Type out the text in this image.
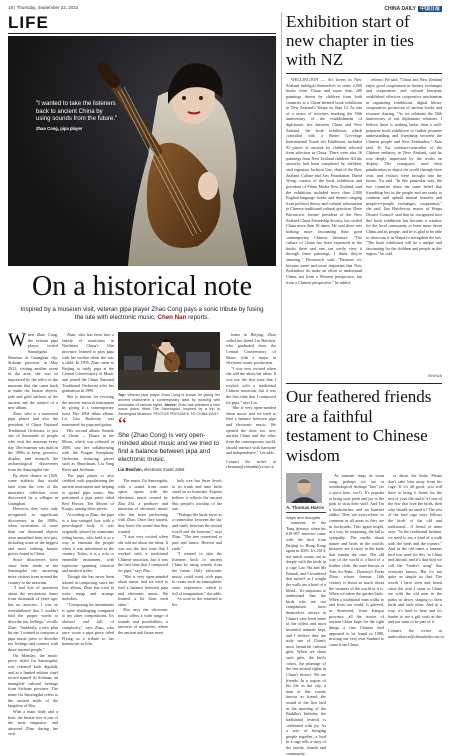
18 | Thursday, September 22, 2022	CHINA DAILY 中国日报
LIFE
"I wanted to take the listeners back to ancient China by using sounds from the future."
Zhao Cong, pipa player
On a historical note
Inspired by a museum visit, veteran pipa player Zhao Cong pays a sonic tribute by fusing the lute with electronic music, Chen Nan reports.

When Zhao Cong, the veteran pipa player, visited Sanxingdui Museum in Guanghan city, Sichuan province, in May 2021, visiting another event in the area, she was so impressed by the relics of the museum that she came back to make the bronze objects, jade and gold artifacts of the ancient site the subject of a new album.

Zhao, who is a renowned pipa player and also the president of China National Traditional Orchestra, is just one of thousands of people who visit the museum every day. The museum was built in the 1990s to keep, preserve, display, and research the archaeological discoveries from the Sanxingdui site.

By sheer chance in 1929, some artifacts that would later form the core of the museum's collection were discovered by a villager in Guanghan.

However, they were only recognized as significant discoveries in the 1980s, when excavation of more than one thousand objects were unearthed from two pits, including some of the biggest and most striking bronze pieces found in China.

Since discoveries have since been made at the Sanxingdui site, attracting more visitors from around the country to the museum.

"I had lots of questions about the mysterious items from thousands of years ago, but no answers. I was so overwhelmed that I couldn't find the proper words to describe my feelings," recalls Zhao. "Suddenly, a new plan hit me. I wanted to compose a pipa music piece to describe my feelings and connect with those ancient people."

On Monday, the music piece, titled Gu Sanxingdui, was released both digitally and as a limited edition vinyl record named Ai Sichuan, an intangible cultural heritage from Sichuan province. The name Gu Sanxingdui refers to the ancient myth of the kingdom of Shu.

With a main body and a base, the bronze tree is one of the most enigmatic, and attracted Zhao during her visit.

Zhao, who has been into a family of musicians in Northeast China's Jilin province, learned to play pipa with her mother when she was a child. In 1995, Zhao came to Beijing to study pipa at the Central Conservatory of Music and joined the China National Traditional Orchestra after her graduation in 1999.

She is known for reviving the ancient musical instrument by giving it a contemporary twist. Her 2004 debut album, Lir Gao Rodeway, was nominated for pipa and guitar.

Her second album Sounds of China — Dance in the Moon, which was released in 2006, saw her collaborating with the Prague Symphony Orchestra, featuring pieces such as Shuochuan, Liu Yang River and Jiechuan.

The pipa player is also credited with popularizing the ancient instrument and helping to spread pipa music. She performed a pipa piece titled Red Flower, Ten Moons of Kongs, among other pieces.

According to Zhao, the pipa is a four-stringed lute with a pear-shaped body. It was originally played by musicians riding horses, who held it as a way to entertain the people when it was introduced to the country. Today, it is a solo or ensemble instrument, with repertoire spanning classical and modern styles.

Though she has never been trained in composing, since her first album, Zhao has tried to write songs and arrange melodies.

"Composing for instruments is quite challenging compared to my other compositions. It's abstract and full of complexity," says Zhao, who once wrote a pipa piece titled Flying as a tribute to her hometown in Jilin.

Top: Veteran pipa player Zhao Cong is known for giving her ancient instrument a contemporary twist by working with musicians of various styles. Above: Zhao has released a new music piece, titled The Sanxingdui, inspired by a trip to Sanxingdui Museum. PHOTOS PROVIDED TO CHINA DAILY
“
She (Zhao Cong) is very open-minded about music and we tried to find a balance between pipa and electronic music.
Liu Beichen, electronic music artist

The music Gu Sanxingdui, with a sound from outer space, opens with the electronic music created by Zhu Zhi, a producer and musician of electronic music who has been performing with Zhao. Once they started, they knew the sound that they wanted.

"I was very excited when she told me about her ideas. It was not the first time that I worked with a traditional Chinese musician, but it was the first time that I composed for pipa," says Zhu.

"She is very open-minded about music and we tried to find a balance between pipa and electronic music. We learned a lot from each other."

Zhu says the electronic music offers a wide range of sounds and possibilities, a universe of mysteries, where the ancient and future meet.

holy tree has three levels to its trunk and nine birds stand on its branches. Experts believe it reflects the ancient Shu people's worship of the sun.

"Perhaps the birds serve as a connection between the sky and earth, between the mortal world and the heavens," says Zhao. "The tree connected to past and future, Heaven and earth."

"I wanted to take the listeners back to ancient China by using sounds from the future. Only electronic music could work with pipa to create such an atmospheric sonic experience, which is full of imagination," she adds.

As soon as she returned to her

home in Beijing, Zhao called her friend Liu Beichen, who graduated from the Central Conservatory of Music with a major in electronic music production.

"I was very excited when she told me about her ideas. It was not the first time that I worked with a traditional Chinese musician, but it was the first time that I composed for pipa," says Liu.

"She is very open-minded about music and we tried to find a balance between pipa and electronic music. We opened the door, too, new ancient China and the other from the contemporary world, should interact with harmony and independence," Liu adds.

Contact the writer at chennan@chinadaily.com.cn

Exhibition start of new chapter in ties with NZ

WELLINGTON — Art lovers in New Zealand indulged themselves in some 2,000 books from China and more than 200 paintings drawn by children from both countries at a China-themed book exhibition in New Zealand's Waipa on Sept 13. As one of a series of activities marking the 50th anniversary of the establishment of diplomatic ties between China and New Zealand, the book exhibition, which coincided with a Better Go-refuge International Youth Art Exhibition, included 92 pieces of artwork by children selected from selection in China. There were also 16 paintings from New Zealand children. All the artworks had been completed by children, said organizer Jackson Gao, chair of the New Zealand Culture and Arts Foundation. David Wong, curator of the book exhibition and president of Prima Media New Zealand, said the exhibition included more than 2,000 English-language books and themes ranging from political theory and cultural information to Chinese traditional cultural practices. Dave Brownrich, former president of the New Zealand China Friendship Society, has visited China more than 30 times. He said there was nothing more fascinating than good contemporary Chinese literature. "The culture of China has been expressed in the books there and one can easily view it through these paintings. I think they're amazing," Brownrich said. "Because it's become more and more important that New Zealanders do make an effort to understand China, not from a Western perspective, but from a Chinese perspective," he added.

release, He said. "China and New Zealand enjoy good cooperation in literary exchanges and cooperation, and cultural literature established effective cooperative mechanism in organizing exhibitions, digital library cooperation, protection of ancient books and resource sharing. "As we celebrate the 50th anniversary of our diplomatic relations, I believe there is nothing better than a well-prepared book exhibition to further promote understanding and friendship between the Chinese people and New Zealanders," Xiao said. To Xu, minister-counsellor of the Chinese embassy in New Zealand, said he was deeply impressed by the works on display. The youngsters used their paintbrushes to depict the world through their own, and visitors were brought into the future, Xu said. "In this particular way, the two countries share the same belief that friendship lies in the people and are ready to continue and uphold mutual benefits and people-to-people exchanges, cooperation," she said. Jim Hutcheson, mayor of Waipa District Council, said that he recognized how this book exhibition has become a window for the local community to learn more about China and its people, and he is glad to be able to showcase it in Waipa to strengthen the ties. "The book exhibition will be a unique and fascinating for the children and people in this region," he said.

XINHUA
Our feathered friends are a faithful testament to Chinese wisdom
A. Thomas Harris
Ways and thoughts

As summer rings its swan song, perhaps we are at ornithological heritage "kite" (as a piece here, too?). It's popular to bring your pride and joy to the park to strut their stuff. And I'm a birdwatcher, and an Internet addict. They are everywhere, as common in all areas as they are in backyards. This again might, in a way, be surprising, the fall is sympathy. The myths about nature and birds in the world's histories are a rarity in the birds that remain the case. The old way of the world is a kind of a leather cloth, the man known at Tian An Shan... Dynasty's Poem Zhou, whose famous 16th century is about as much about the vastness of the world as it is. When we adore the garden birds. When a traditional man walks to and from our world, is grieved, or distressed, from Jiangsu province, all the stories of ancient China hope for the right things a fine Chinese bird appeared to be found in 1998, inviting our very own Sunbird to come from China.

someone, in the Tong dynasty, when his 618-907 ancestor came with the bird from Beijing to Hong Kong again in 2003. It's 2014, not much comes out as deeply with the birds in a cage Luo Shi and Mr Fennah, and I wondered that myself, as I sought the walls are a kind of a blend... It's important to understand that the birds who are our companions have themselves always in China's case been some of the oldest and most beautiful animals kept, and I believe they are truly one of China's most beautiful cultural gifts. When we share such gifts, the bird's colors, the plumage of the one animal rights in China's history. We are friends. In a region of his life in the city, a man of this county known as friend, the sound of the first bird in the morning of the Buddha's birthday, the traditional festival is celebrated with joy. As a way of bringing people together, a bird in a cage tells a story of the family, friends and community.

ry about the birds. Please don't take him away from his cage. If it's all good, you will have to bring it home for the rest of your life and if it's one of the few that love the birds, then why should we need it? The rest of the bird cage story follows the birds of the old and traditional... A friend of mine says: "In the traditional fashion, we need to say a kind of a walk with the birds and the owners." And in the old times a famous bird was used for this, in China and abroad, and it's that bird we call the "birder's song" that everyone knows. But it's not quite as simple as that. The words I have seen and heard since the year I came to China are with the old men in the parks at dawn, singing to their birds and each other. And in a way, it's hard to hear and it's harder to see a gift such as this and not want to be part of it.

Contact the writer at andrewharris@chinadaily.com.cn
